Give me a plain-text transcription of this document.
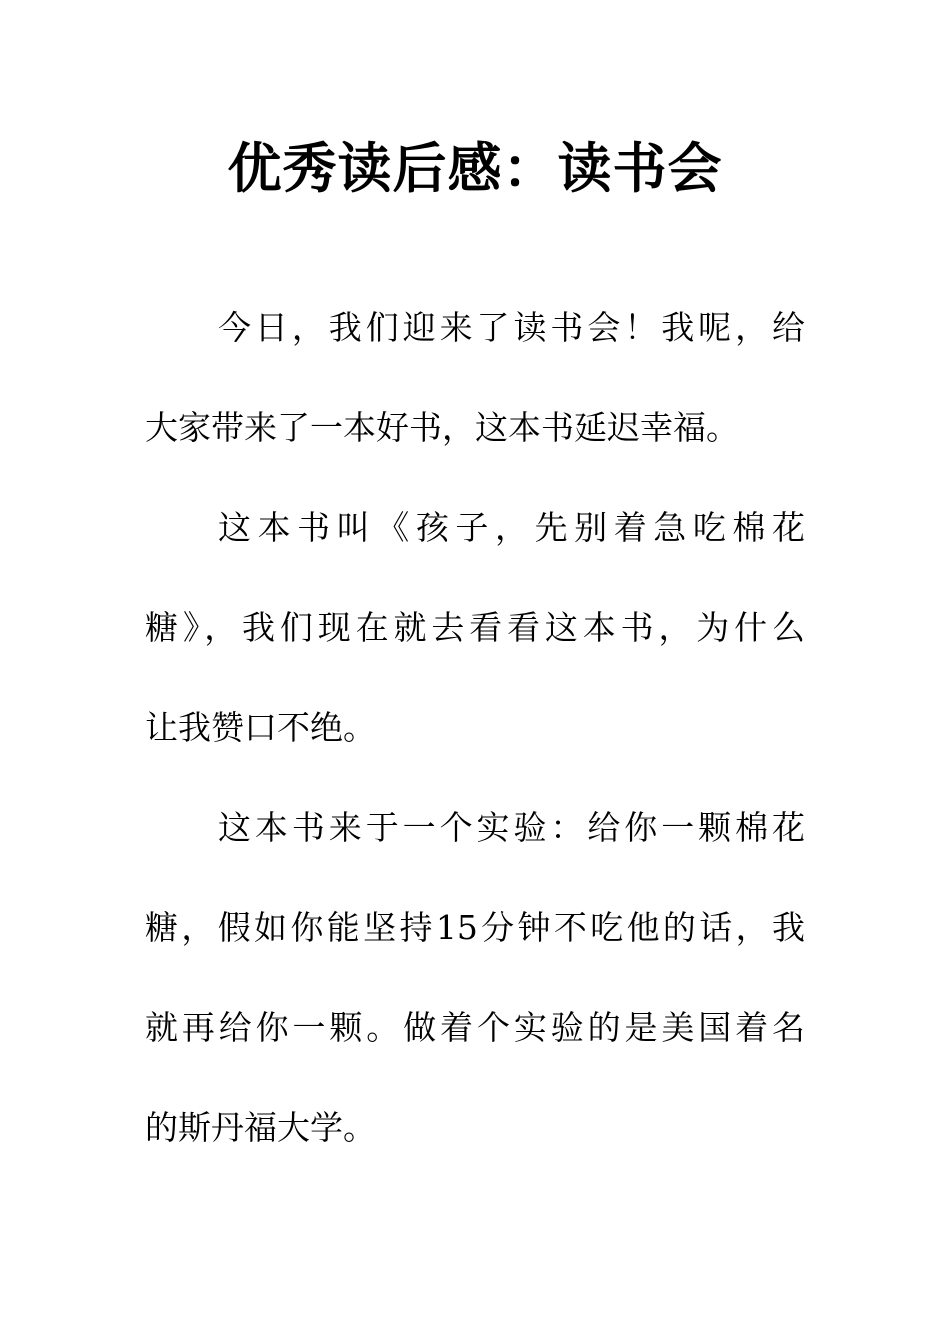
优秀读后感：读书会
今日，我们迎来了读书会！我呢，给
大家带来了一本好书，这本书延迟幸福。
这本书叫《孩子，先别着急吃棉花
糖》，我们现在就去看看这本书，为什么
让我赞口不绝。
这本书来于一个实验：给你一颗棉花
糖，假如你能坚持15分钟不吃他的话，我
就再给你一颗。做着个实验的是美国着名
的斯丹福大学。
